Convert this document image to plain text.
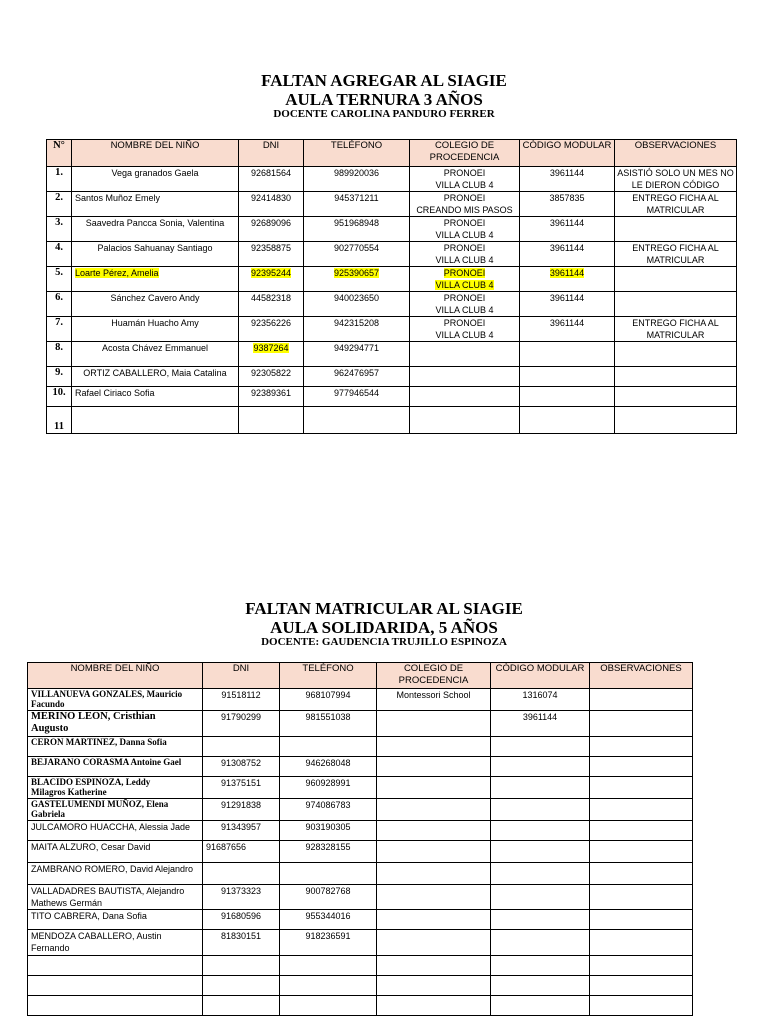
FALTAN AGREGAR AL SIAGIE
AULA TERNURA 3 AÑOS
DOCENTE CAROLINA PANDURO FERRER
N°	NOMBRE DEL NIÑO	DNI	TELÉFONO	COLEGIO DE PROCEDENCIA	CÓDIGO MODULAR	OBSERVACIONES
1.	Vega granados Gaela	92681564	989920036	PRONOEI
VILLA CLUB 4	3961144	ASISTIÓ SOLO UN MES NO
LE DIERON CÓDIGO

2.	Santos Muñoz Emely	92414830	945371211	PRONOEI
CREANDO MIS PASOS	3857835	ENTREGO FICHA AL
MATRICULAR

3.	Saavedra Pancca Sonia, Valentina	92689096	951968948	PRONOEI
VILLA CLUB 4	3961144	

4.	Palacios Sahuanay Santiago	92358875	902770554	PRONOEI
VILLA CLUB 4	3961144	ENTREGO FICHA AL
MATRICULAR

5.	Loarte Pérez, Amelia	92395244	925390657	PRONOEI
VILLA CLUB 4	3961144	

6.	Sánchez Cavero Andy	44582318	940023650	PRONOEI
VILLA CLUB 4	3961144	

7.	Huamán Huacho Amy	92356226	942315208	PRONOEI
VILLA CLUB 4	3961144	ENTREGO FICHA AL
MATRICULAR

8.	Acosta Chávez Emmanuel	9387264	949294771	

9.	ORTIZ CABALLERO, Maia Catalina	92305822	962476957	

10.	Rafael Ciriaco Sofia	92389361	977946544	

11				

FALTAN MATRICULAR AL SIAGIE
AULA SOLIDARIDA, 5 AÑOS
DOCENTE: GAUDENCIA TRUJILLO ESPINOZA
NOMBRE DEL NIÑO	DNI	TELÉFONO	COLEGIO DE PROCEDENCIA	CÓDIGO MODULAR	OBSERVACIONES

VILLANUEVA GONZALES, Mauricio
Facundo	91518112	968107994	Montessori School	1316074	

MERINO LEON, Cristhian
Augusto	91790299	981551038		3961144	

CERON MARTINEZ, Danna Sofia					

BEJARANO CORASMA Antoine Gael	91308752	946268048			

BLACIDO ESPINOZA, Leddy
Milagros Katherine	91375151	960928991			

GASTELUMENDI MUÑOZ, Elena
Gabriela	91291838	974086783			

JULCAMORO HUACCHA, Alessia Jade	91343957	903190305			

MAITA ALZURO, Cesar David	91687656	928328155			

ZAMBRANO ROMERO, David Alejandro					

VALLADADRES BAUTISTA, Alejandro
Mathews Germán	91373323	900782768			

TITO CABRERA, Dana Sofia	91680596	955344016			

MENDOZA CABALLERO, Austin
Fernando	81830151	918236591			
